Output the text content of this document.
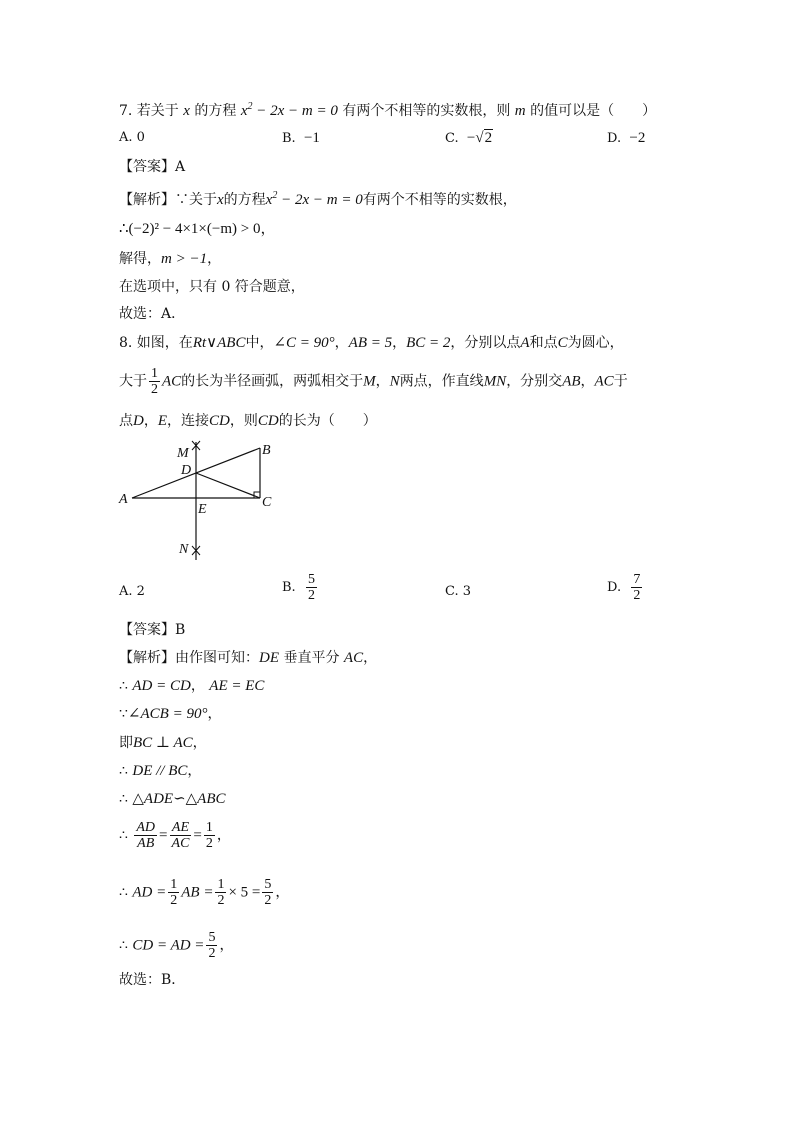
7. 若关于 x 的方程 $x^2 - 2x - m = 0$ 有两个不相等的实数根，则 m 的值可以是（　　）
A. 0	B. −1	C. −√2	D. −2
【答案】A
【解析】∵关于x的方程$x^2 - 2x - m = 0$有两个不相等的实数根，
∴(−2)² − 4×1×(−m) > 0，
解得，m > −1，
在选项中，只有 0 符合题意，
故选：A．
8. 如图，在Rt∨ABC中，∠C = 90°，AB = 5，BC = 2，分别以点A和点C为圆心，
大于 $\frac{1}{2}$ AC的长为半径画弧，两弧相交于M，N两点，作直线MN，分别交AB，AC于
点D，E，连接CD，则CD的长为（　　）
A
B
C
D
E
M
N
A. 2	B. $\frac{5}{2}$	C. 3	D. $\frac{7}{2}$
【答案】B
【解析】由作图可知：DE 垂直平分 AC，
∴ AD = CD， AE = EC
∵∠ACB = 90°，
即BC ⊥ AC，
∴ DE // BC，
∴ △ADE∽△ABC
∴ $\frac{AD}{AB} = \frac{AE}{AC} = \frac{1}{2}$ ，
∴ AD = $\frac{1}{2}$ AB = $\frac{1}{2} \times 5 = \frac{5}{2}$ ，
∴ CD = AD = $\frac{5}{2}$ ，
故选：B．
